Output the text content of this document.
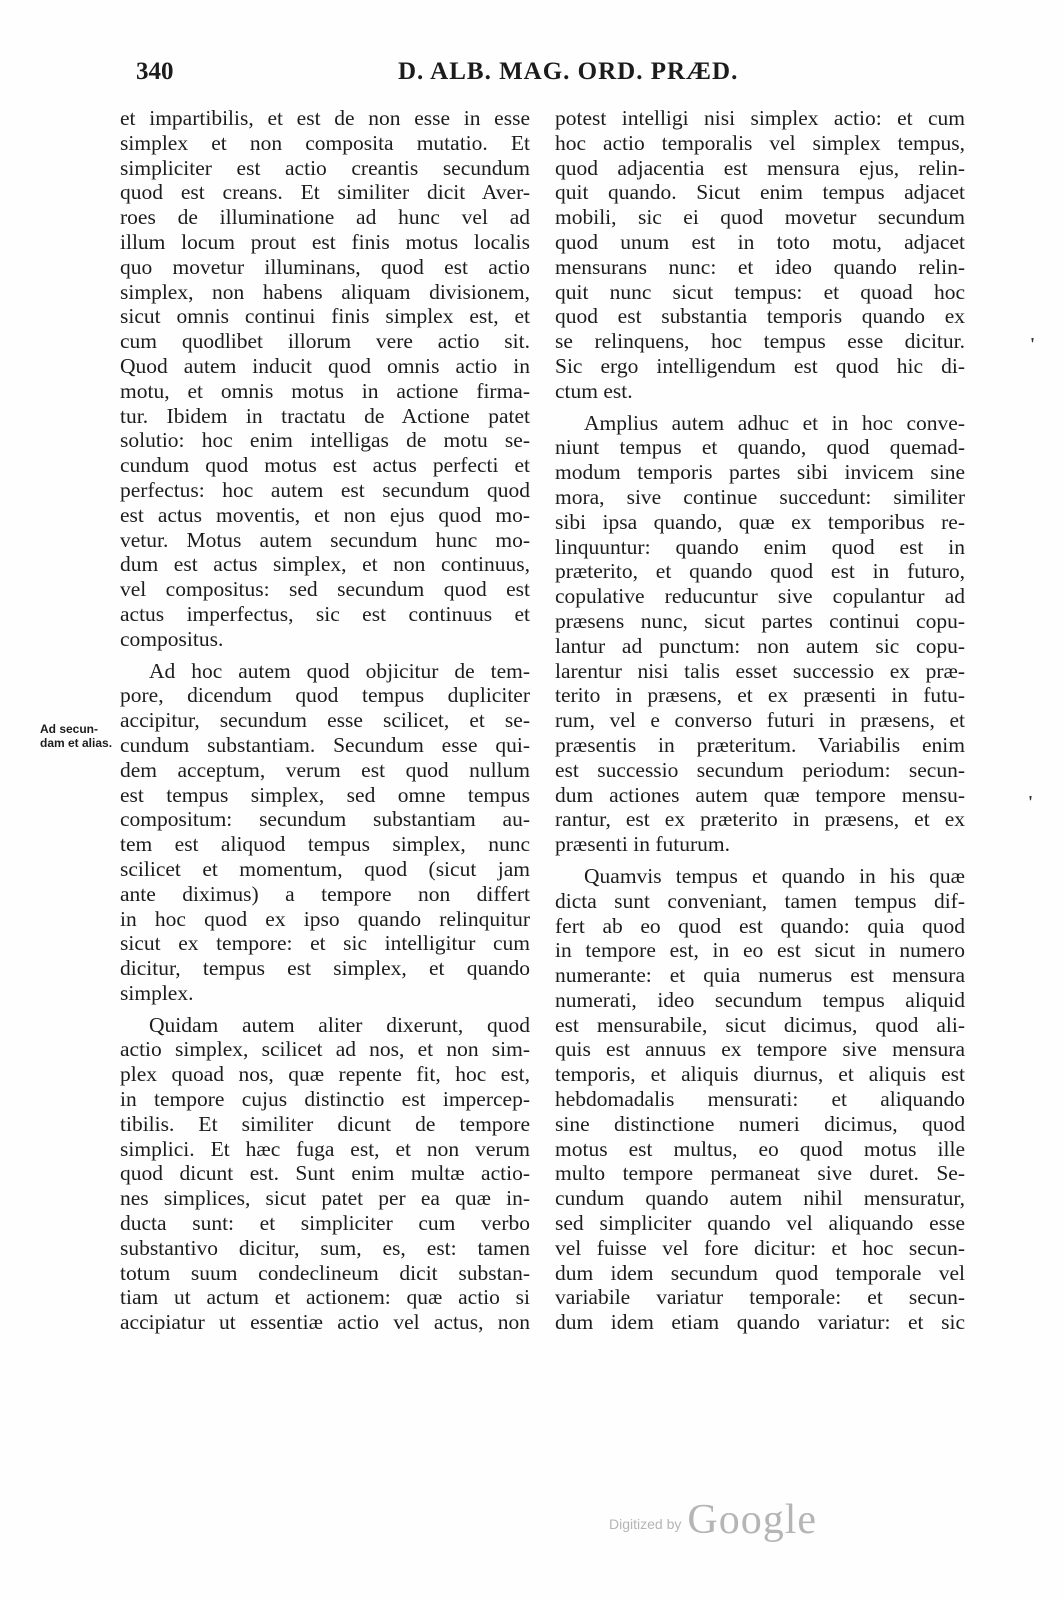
340	D. ALB. MAG. ORD. PRÆD.
Ad secun-
dam et alias.
et impartibilis, et est de non esse in esse
simplex et non composita mutatio. Et
simpliciter est actio creantis secundum
quod est creans. Et similiter dicit Aver-
roes de illuminatione ad hunc vel ad
illum locum prout est finis motus localis
quo movetur illuminans, quod est actio
simplex, non habens aliquam divisionem,
sicut omnis continui finis simplex est, et
cum quodlibet illorum vere actio sit.
Quod autem inducit quod omnis actio in
motu, et omnis motus in actione firma-
tur. Ibidem in tractatu de Actione patet
solutio: hoc enim intelligas de motu se-
cundum quod motus est actus perfecti et
perfectus: hoc autem est secundum quod
est actus moventis, et non ejus quod mo-
vetur. Motus autem secundum hunc mo-
dum est actus simplex, et non continuus,
vel compositus: sed secundum quod est
actus imperfectus, sic est continuus et
compositus.
Ad hoc autem quod objicitur de tem-
pore, dicendum quod tempus dupliciter
accipitur, secundum esse scilicet, et se-
cundum substantiam. Secundum esse qui-
dem acceptum, verum est quod nullum
est tempus simplex, sed omne tempus
compositum: secundum substantiam au-
tem est aliquod tempus simplex, nunc
scilicet et momentum, quod (sicut jam
ante diximus) a tempore non differt
in hoc quod ex ipso quando relinquitur
sicut ex tempore: et sic intelligitur cum
dicitur, tempus est simplex, et quando
simplex.
Quidam autem aliter dixerunt, quod
actio simplex, scilicet ad nos, et non sim-
plex quoad nos, quæ repente fit, hoc est,
in tempore cujus distinctio est impercep-
tibilis. Et similiter dicunt de tempore
simplici. Et hæc fuga est, et non verum
quod dicunt est. Sunt enim multæ actio-
nes simplices, sicut patet per ea quæ in-
ducta sunt: et simpliciter cum verbo
substantivo dicitur, sum, es, est: tamen
totum suum condeclineum dicit substan-
tiam ut actum et actionem: quæ actio si
accipiatur ut essentiæ actio vel actus, non
potest intelligi nisi simplex actio: et cum
hoc actio temporalis vel simplex tempus,
quod adjacentia est mensura ejus, relin-
quit quando. Sicut enim tempus adjacet
mobili, sic ei quod movetur secundum
quod unum est in toto motu, adjacet
mensurans nunc: et ideo quando relin-
quit nunc sicut tempus: et quoad hoc
quod est substantia temporis quando ex
se relinquens, hoc tempus esse dicitur.
Sic ergo intelligendum est quod hic di-
ctum est.
Amplius autem adhuc et in hoc conve-
niunt tempus et quando, quod quemad-
modum temporis partes sibi invicem sine
mora, sive continue succedunt: similiter
sibi ipsa quando, quæ ex temporibus re-
linquuntur: quando enim quod est in
præterito, et quando quod est in futuro,
copulative reducuntur sive copulantur ad
præsens nunc, sicut partes continui copu-
lantur ad punctum: non autem sic copu-
larentur nisi talis esset successio ex præ-
terito in præsens, et ex præsenti in futu-
rum, vel e converso futuri in præsens, et
præsentis in præteritum. Variabilis enim
est successio secundum periodum: secun-
dum actiones autem quæ tempore mensu-
rantur, est ex præterito in præsens, et ex
præsenti in futurum.
Quamvis tempus et quando in his quæ
dicta sunt conveniant, tamen tempus dif-
fert ab eo quod est quando: quia quod
in tempore est, in eo est sicut in numero
numerante: et quia numerus est mensura
numerati, ideo secundum tempus aliquid
est mensurabile, sicut dicimus, quod ali-
quis est annuus ex tempore sive mensura
temporis, et aliquis diurnus, et aliquis est
hebdomadalis mensurati: et aliquando
sine distinctione numeri dicimus, quod
motus est multus, eo quod motus ille
multo tempore permaneat sive duret. Se-
cundum quando autem nihil mensuratur,
sed simpliciter quando vel aliquando esse
vel fuisse vel fore dicitur: et hoc secun-
dum idem secundum quod temporale vel
variabile variatur temporale: et secun-
dum idem etiam quando variatur: et sic
'
'
Digitized by Google
